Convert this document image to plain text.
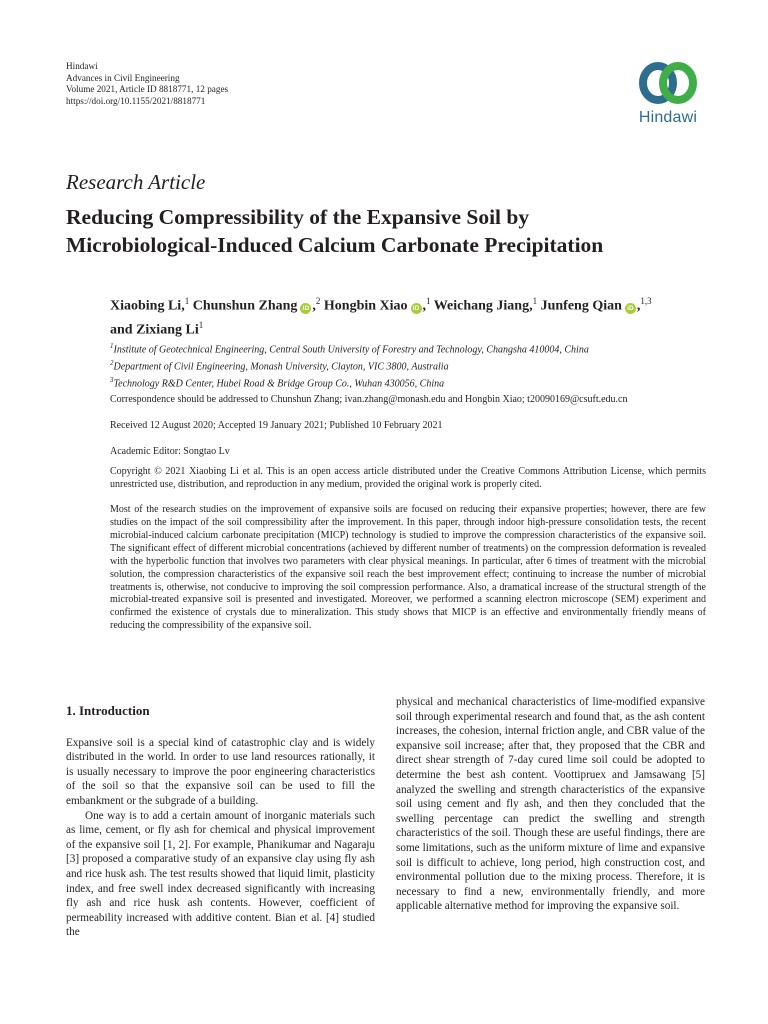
Hindawi
Advances in Civil Engineering
Volume 2021, Article ID 8818771, 12 pages
https://doi.org/10.1155/2021/8818771
Hindawi
Research Article
Reducing Compressibility of the Expansive Soil by
Microbiological-Induced Calcium Carbonate Precipitation
Xiaobing Li,$^1$ Chunshun Zhang iD ,$^2$ Hongbin Xiao iD ,$^1$ Weichang Jiang,$^1$ Junfeng Qian iD ,$^{1,3}$
and Zixiang Li$^1$
$^1$Institute of Geotechnical Engineering, Central South University of Forestry and Technology, Changsha 410004, China
$^2$Department of Civil Engineering, Monash University, Clayton, VIC 3800, Australia
$^3$Technology R&D Center, Hubei Road & Bridge Group Co., Wuhan 430056, China
Correspondence should be addressed to Chunshun Zhang; ivan.zhang@monash.edu and Hongbin Xiao; t20090169@csuft.edu.cn
Received 12 August 2020; Accepted 19 January 2021; Published 10 February 2021
Academic Editor: Songtao Lv
Copyright © 2021 Xiaobing Li et al. This is an open access article distributed under the Creative Commons Attribution License, which permits unrestricted use, distribution, and reproduction in any medium, provided the original work is properly cited.
Most of the research studies on the improvement of expansive soils are focused on reducing their expansive properties; however, there are few studies on the impact of the soil compressibility after the improvement. In this paper, through indoor high-pressure consolidation tests, the recent microbial-induced calcium carbonate precipitation (MICP) technology is studied to improve the compression characteristics of the expansive soil. The significant effect of different microbial concentrations (achieved by different number of treatments) on the compression deformation is revealed with the hyperbolic function that involves two parameters with clear physical meanings. In particular, after 6 times of treatment with the microbial solution, the compression characteristics of the expansive soil reach the best improvement effect; continuing to increase the number of microbial treatments is, otherwise, not conducive to improving the soil compression performance. Also, a dramatical increase of the structural strength of the microbial-treated expansive soil is presented and investigated. Moreover, we performed a scanning electron microscope (SEM) experiment and confirmed the existence of crystals due to mineralization. This study shows that MICP is an effective and environmentally friendly means of reducing the compressibility of the expansive soil.
1. Introduction

Expansive soil is a special kind of catastrophic clay and is widely distributed in the world. In order to use land resources rationally, it is usually necessary to improve the poor engineering characteristics of the soil so that the expansive soil can be used to fill the embankment or the subgrade of a building.

One way is to add a certain amount of inorganic materials such as lime, cement, or fly ash for chemical and physical improvement of the expansive soil [1, 2]. For example, Phanikumar and Nagaraju [3] proposed a comparative study of an expansive clay using fly ash and rice husk ash. The test results showed that liquid limit, plasticity index, and free swell index decreased significantly with increasing fly ash and rice husk ash contents. However, coefficient of permeability increased with additive content. Bian et al. [4] studied the

physical and mechanical characteristics of lime-modified expansive soil through experimental research and found that, as the ash content increases, the cohesion, internal friction angle, and CBR value of the expansive soil increase; after that, they proposed that the CBR and direct shear strength of 7-day cured lime soil could be adopted to determine the best ash content. Voottipruex and Jamsawang [5] analyzed the swelling and strength characteristics of the expansive soil using cement and fly ash, and then they concluded that the swelling percentage can predict the swelling and strength characteristics of the soil. Though these are useful findings, there are some limitations, such as the uniform mixture of lime and expansive soil is difficult to achieve, long period, high construction cost, and environmental pollution due to the mixing process. Therefore, it is necessary to find a new, environmentally friendly, and more applicable alternative method for improving the expansive soil.
